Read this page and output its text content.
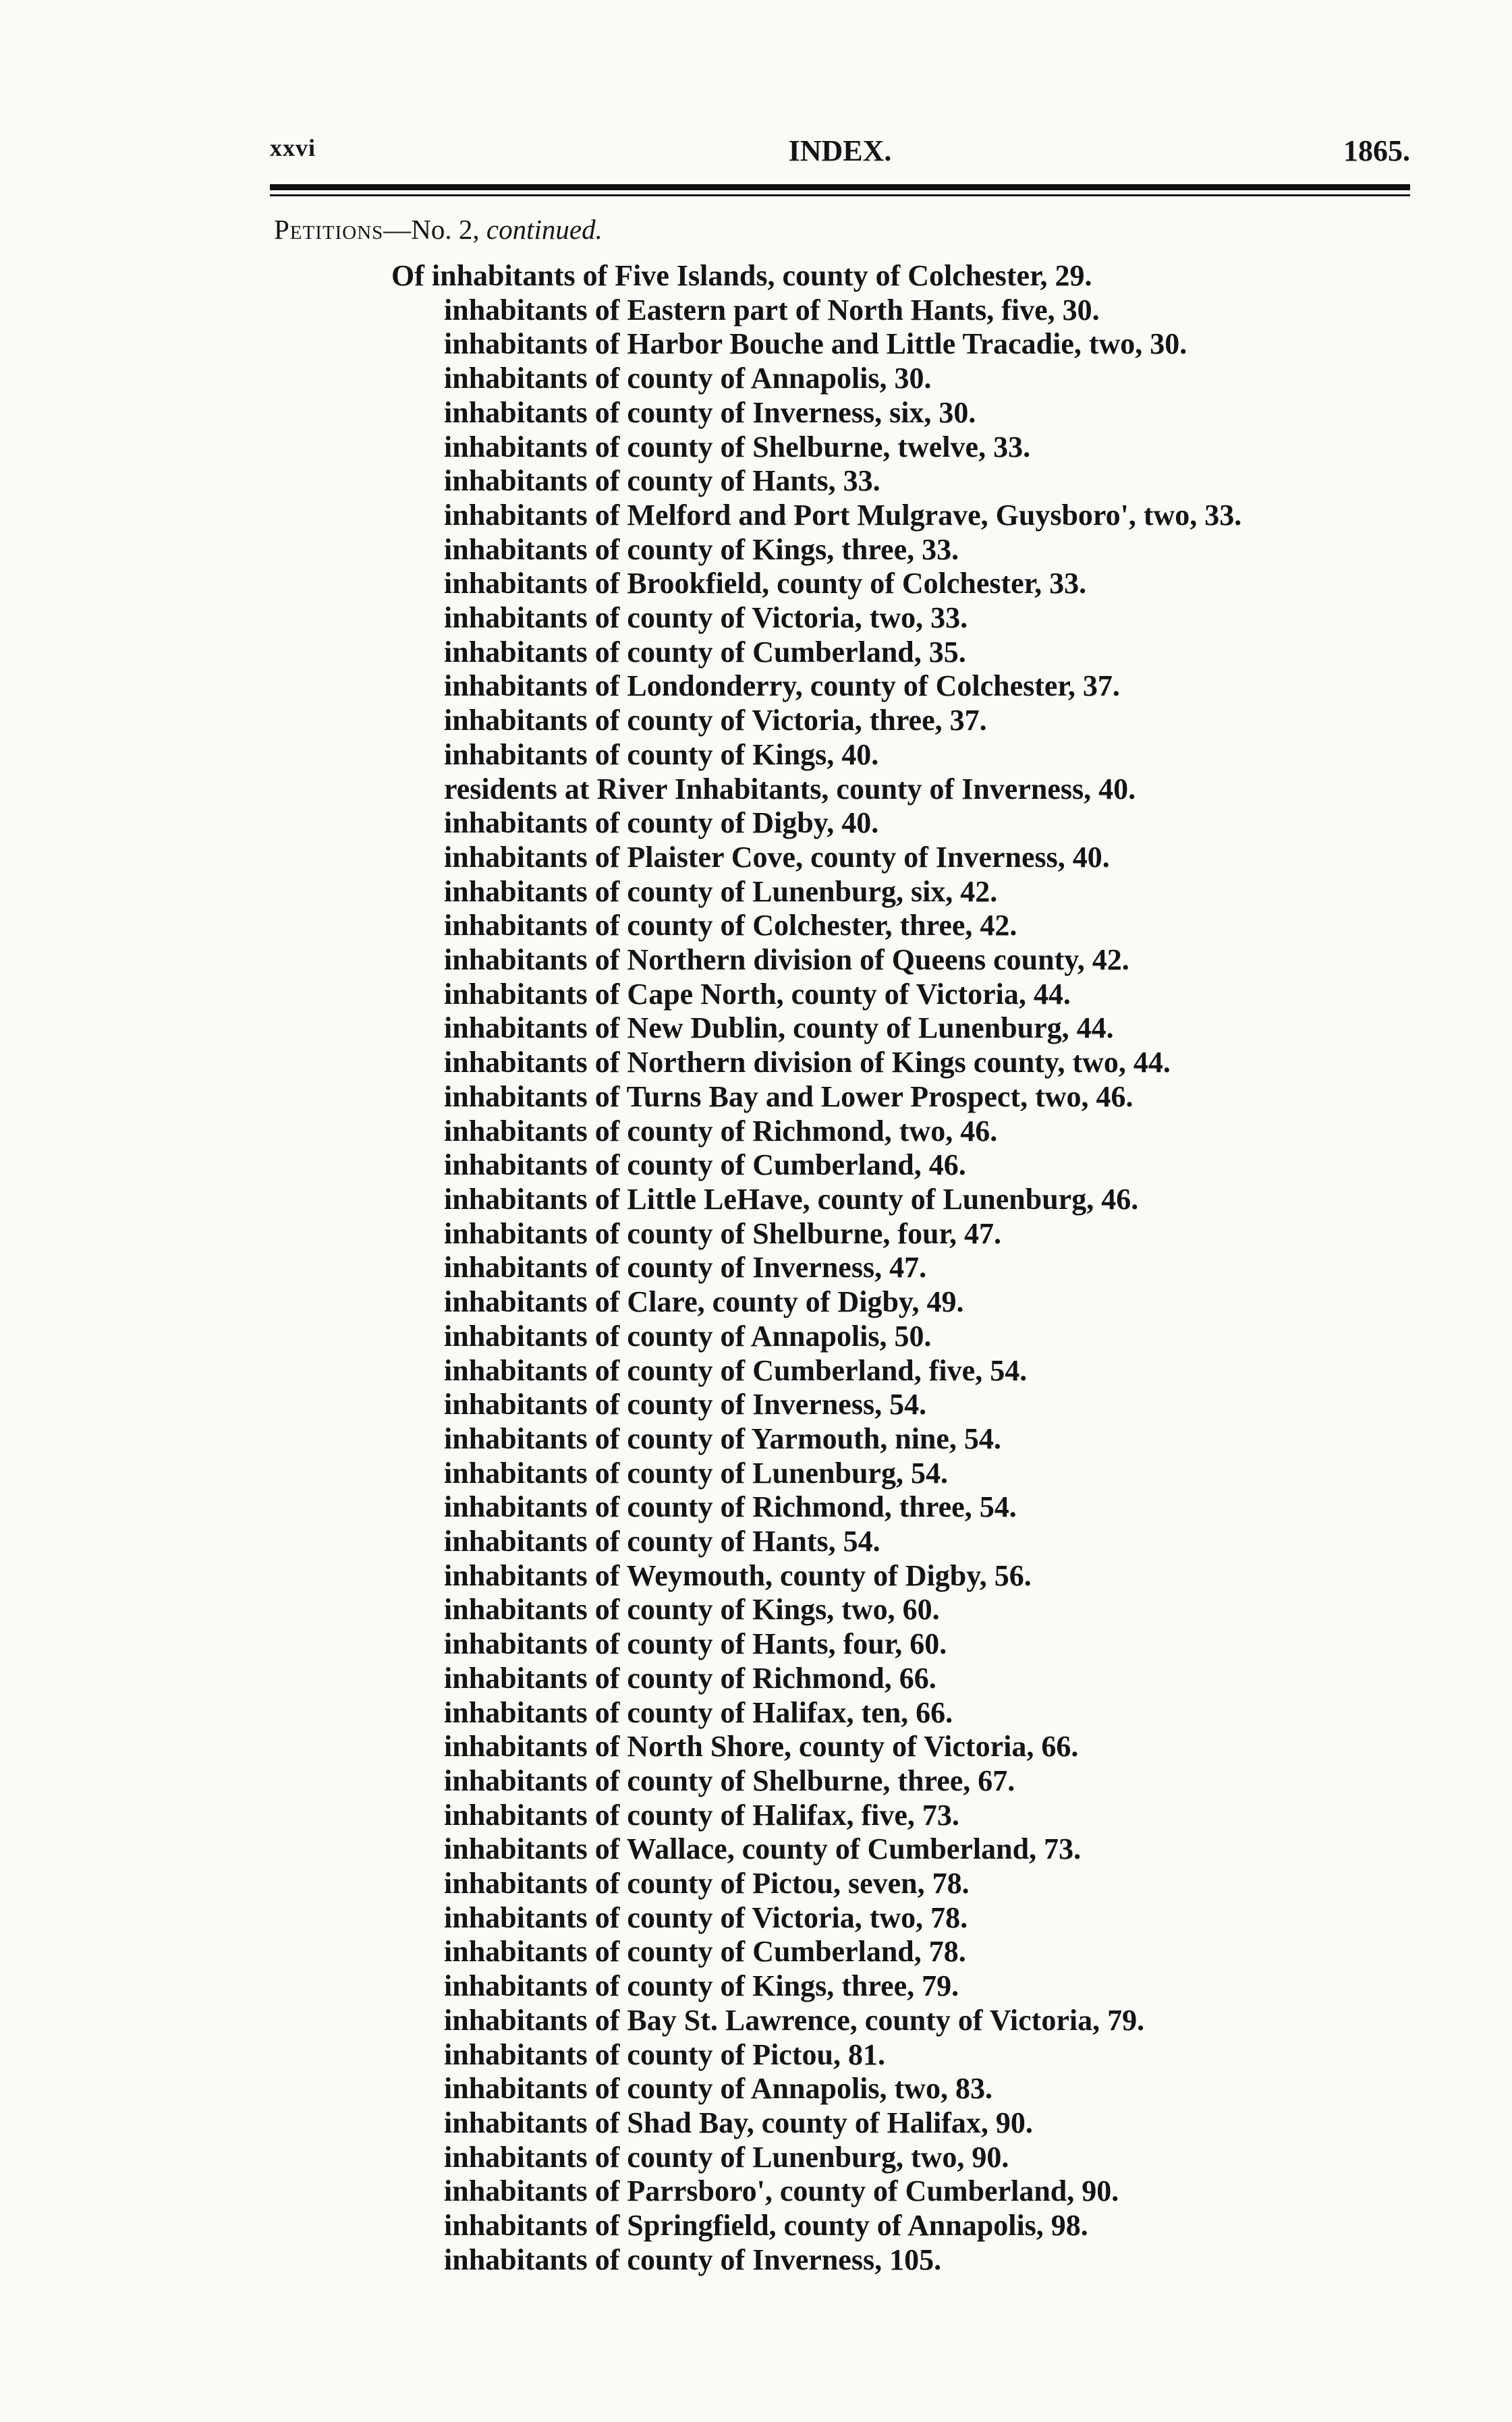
xxvi	INDEX.	1865.
Petitions—No. 2, continued.
Of inhabitants of Five Islands, county of Colchester, 29.
inhabitants of Eastern part of North Hants, five, 30.
inhabitants of Harbor Bouche and Little Tracadie, two, 30.
inhabitants of county of Annapolis, 30.
inhabitants of county of Inverness, six, 30.
inhabitants of county of Shelburne, twelve, 33.
inhabitants of county of Hants, 33.
inhabitants of Melford and Port Mulgrave, Guysboro', two, 33.
inhabitants of county of Kings, three, 33.
inhabitants of Brookfield, county of Colchester, 33.
inhabitants of county of Victoria, two, 33.
inhabitants of county of Cumberland, 35.
inhabitants of Londonderry, county of Colchester, 37.
inhabitants of county of Victoria, three, 37.
inhabitants of county of Kings, 40.
residents at River Inhabitants, county of Inverness, 40.
inhabitants of county of Digby, 40.
inhabitants of Plaister Cove, county of Inverness, 40.
inhabitants of county of Lunenburg, six, 42.
inhabitants of county of Colchester, three, 42.
inhabitants of Northern division of Queens county, 42.
inhabitants of Cape North, county of Victoria, 44.
inhabitants of New Dublin, county of Lunenburg, 44.
inhabitants of Northern division of Kings county, two, 44.
inhabitants of Turns Bay and Lower Prospect, two, 46.
inhabitants of county of Richmond, two, 46.
inhabitants of county of Cumberland, 46.
inhabitants of Little LeHave, county of Lunenburg, 46.
inhabitants of county of Shelburne, four, 47.
inhabitants of county of Inverness, 47.
inhabitants of Clare, county of Digby, 49.
inhabitants of county of Annapolis, 50.
inhabitants of county of Cumberland, five, 54.
inhabitants of county of Inverness, 54.
inhabitants of county of Yarmouth, nine, 54.
inhabitants of county of Lunenburg, 54.
inhabitants of county of Richmond, three, 54.
inhabitants of county of Hants, 54.
inhabitants of Weymouth, county of Digby, 56.
inhabitants of county of Kings, two, 60.
inhabitants of county of Hants, four, 60.
inhabitants of county of Richmond, 66.
inhabitants of county of Halifax, ten, 66.
inhabitants of North Shore, county of Victoria, 66.
inhabitants of county of Shelburne, three, 67.
inhabitants of county of Halifax, five, 73.
inhabitants of Wallace, county of Cumberland, 73.
inhabitants of county of Pictou, seven, 78.
inhabitants of county of Victoria, two, 78.
inhabitants of county of Cumberland, 78.
inhabitants of county of Kings, three, 79.
inhabitants of Bay St. Lawrence, county of Victoria, 79.
inhabitants of county of Pictou, 81.
inhabitants of county of Annapolis, two, 83.
inhabitants of Shad Bay, county of Halifax, 90.
inhabitants of county of Lunenburg, two, 90.
inhabitants of Parrsboro', county of Cumberland, 90.
inhabitants of Springfield, county of Annapolis, 98.
inhabitants of county of Inverness, 105.
